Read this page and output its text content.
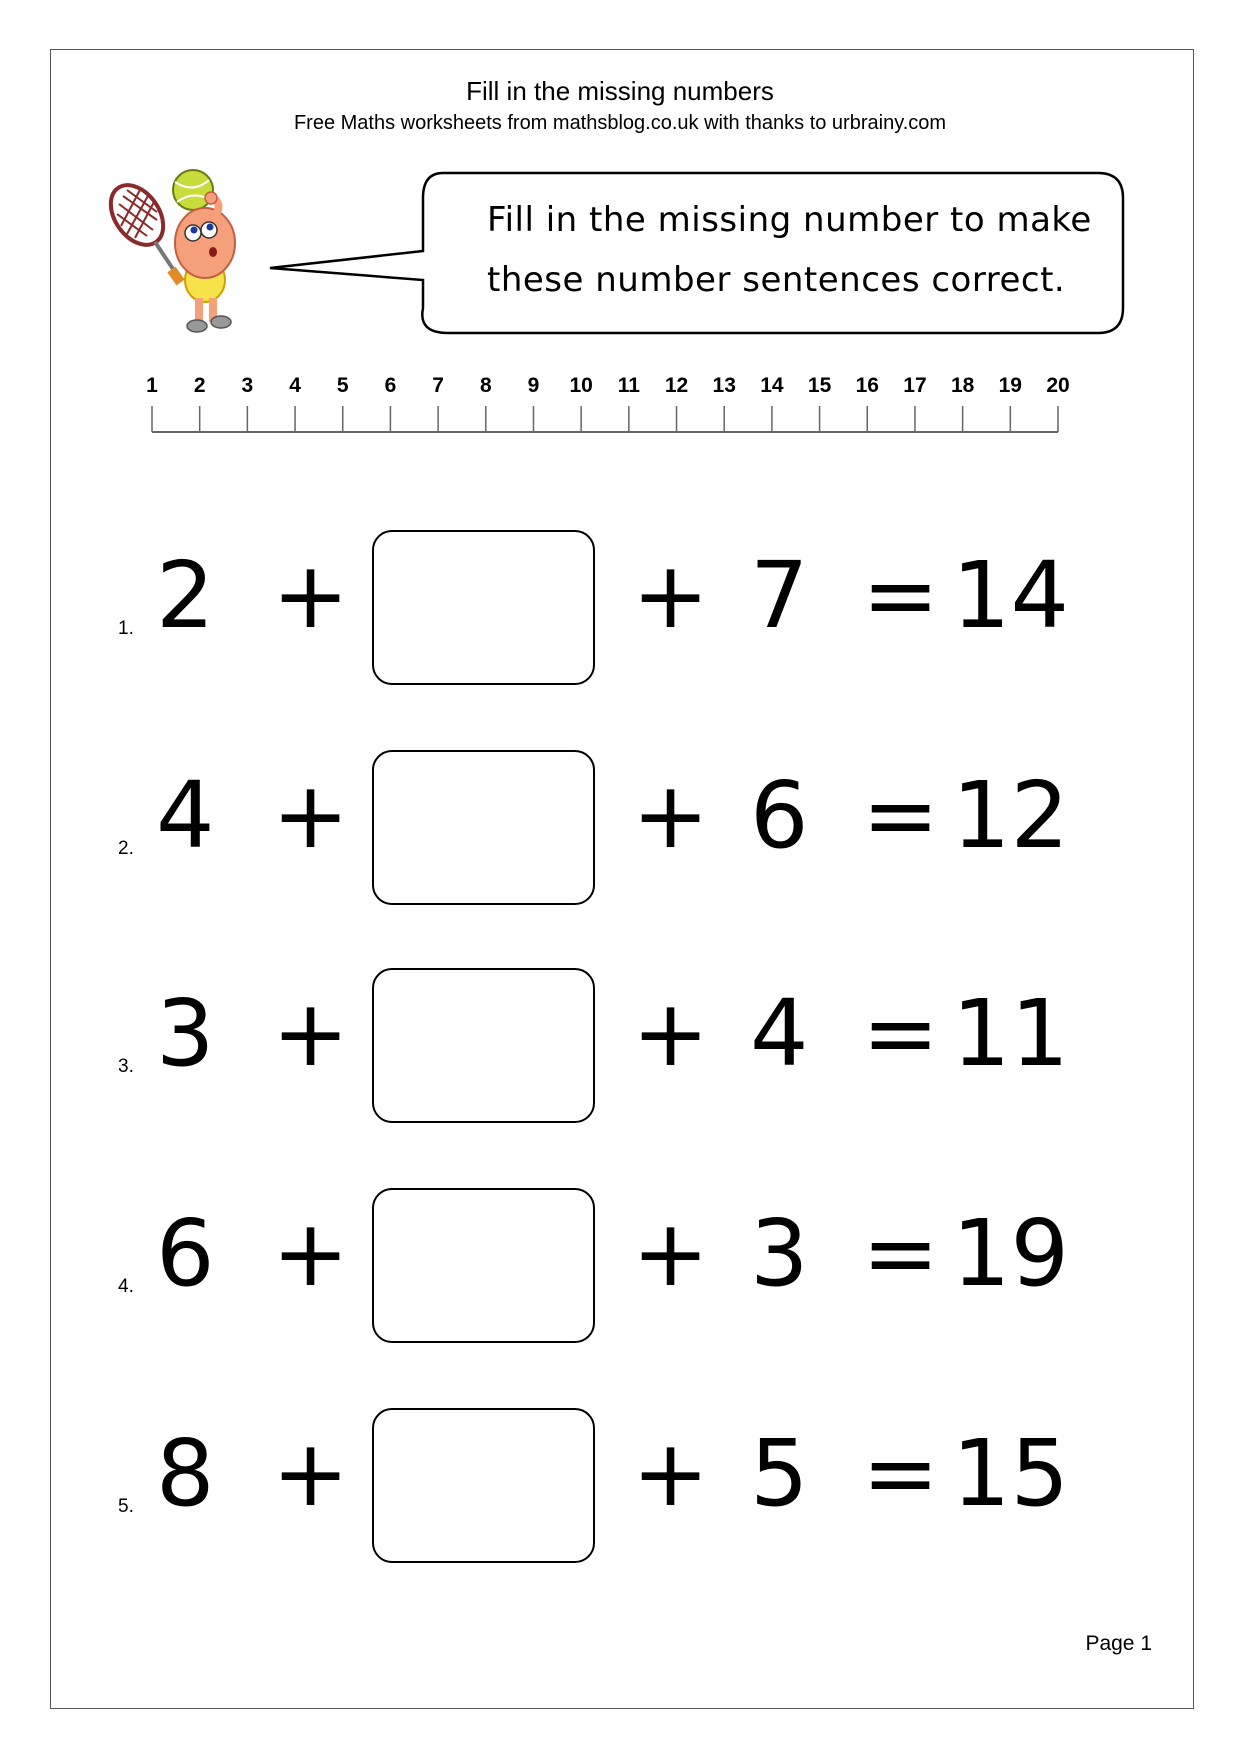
Fill in the missing numbers
Free Maths worksheets from mathsblog.co.uk with thanks to urbrainy.com
Fill in the missing number to make
these number sentences correct.
1 2 3 4 5 6 7 8 9 10 11 12 13 14 15 16 17 18 19 20
1. 2 +	+ 7 = 14
2. 4 +	+ 6 = 12
3. 3 +	+ 4 = 11
4. 6 +	+ 3 = 19
5. 8 +	+ 5 = 15
Page 1
